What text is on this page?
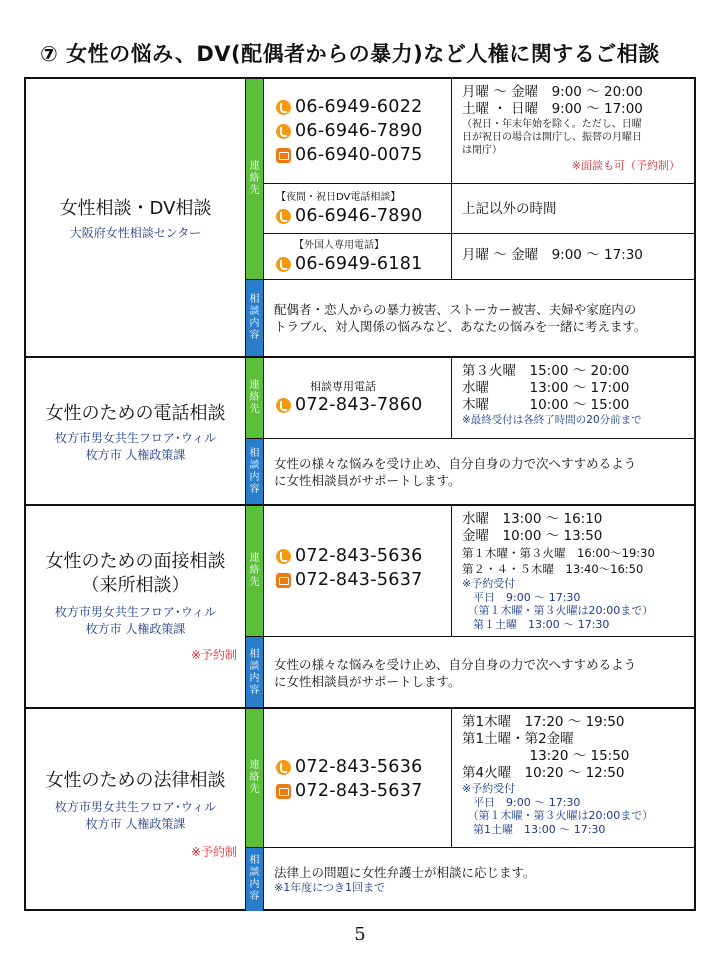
⑦ 女性の悩み、DV(配偶者からの暴力)など人権に関するご相談
女性相談・DV相談
大阪府女性相談センター
連
絡
先
相
談
内
容
06-6949-6022
06-6946-7890
06-6940-0075
月曜 ～ 金曜　9:00 ～ 20:00
土曜 ・ 日曜　9:00 ～ 17:00
（祝日・年末年始を除く。ただし、日曜
日が祝日の場合は開庁し、振替の月曜日
は閉庁）
※面談も可（予約制）
【夜間・祝日DV電話相談】
06-6946-7890	上記以外の時間
【外国人専用電話】
06-6949-6181	月曜 ～ 金曜　9:00 ～ 17:30
配偶者・恋人からの暴力被害、ストーカー被害、夫婦や家庭内の
トラブル、対人関係の悩みなど、あなたの悩みを一緒に考えます。
女性のための電話相談
枚方市男女共生フロア･ウィル
枚方市 人権政策課
連
絡
先
相
談
内
容
相談専用電話
072-843-7860
第３火曜　15:00 ～ 20:00
水曜　　　13:00 ～ 17:00
木曜　　　10:00 ～ 15:00
※最終受付は各終了時間の20分前まで
女性の様々な悩みを受け止め、自分自身の力で次へすすめるよう
に女性相談員がサポートします。
女性のための面接相談
（来所相談）
枚方市男女共生フロア･ウィル
枚方市 人権政策課
※予約制
連
絡
先
相
談
内
容
072-843-5636
072-843-5637
水曜　13:00 ～ 16:10
金曜　10:00 ～ 13:50
第１木曜・第３火曜　16:00～19:30
第２・４・５木曜　13:40～16:50
※予約受付
　平日　9:00 ～ 17:30
　（第１木曜・第３火曜は20:00まで）
　第１土曜　13:00 ～ 17:30
女性の様々な悩みを受け止め、自分自身の力で次へすすめるよう
に女性相談員がサポートします。
女性のための法律相談
枚方市男女共生フロア･ウィル
枚方市 人権政策課
※予約制
連
絡
先
相
談
内
容
072-843-5636
072-843-5637
第1木曜　17:20 ～ 19:50
第1土曜・第2金曜
　　　　　13:20 ～ 15:50
第4火曜　10:20 ～ 12:50
※予約受付
　平日　9:00 ～ 17:30
　（第１木曜・第３火曜は20:00まで）
　第1土曜　13:00 ～ 17:30
法律上の問題に女性弁護士が相談に応じます。
※1年度につき1回まで
5
